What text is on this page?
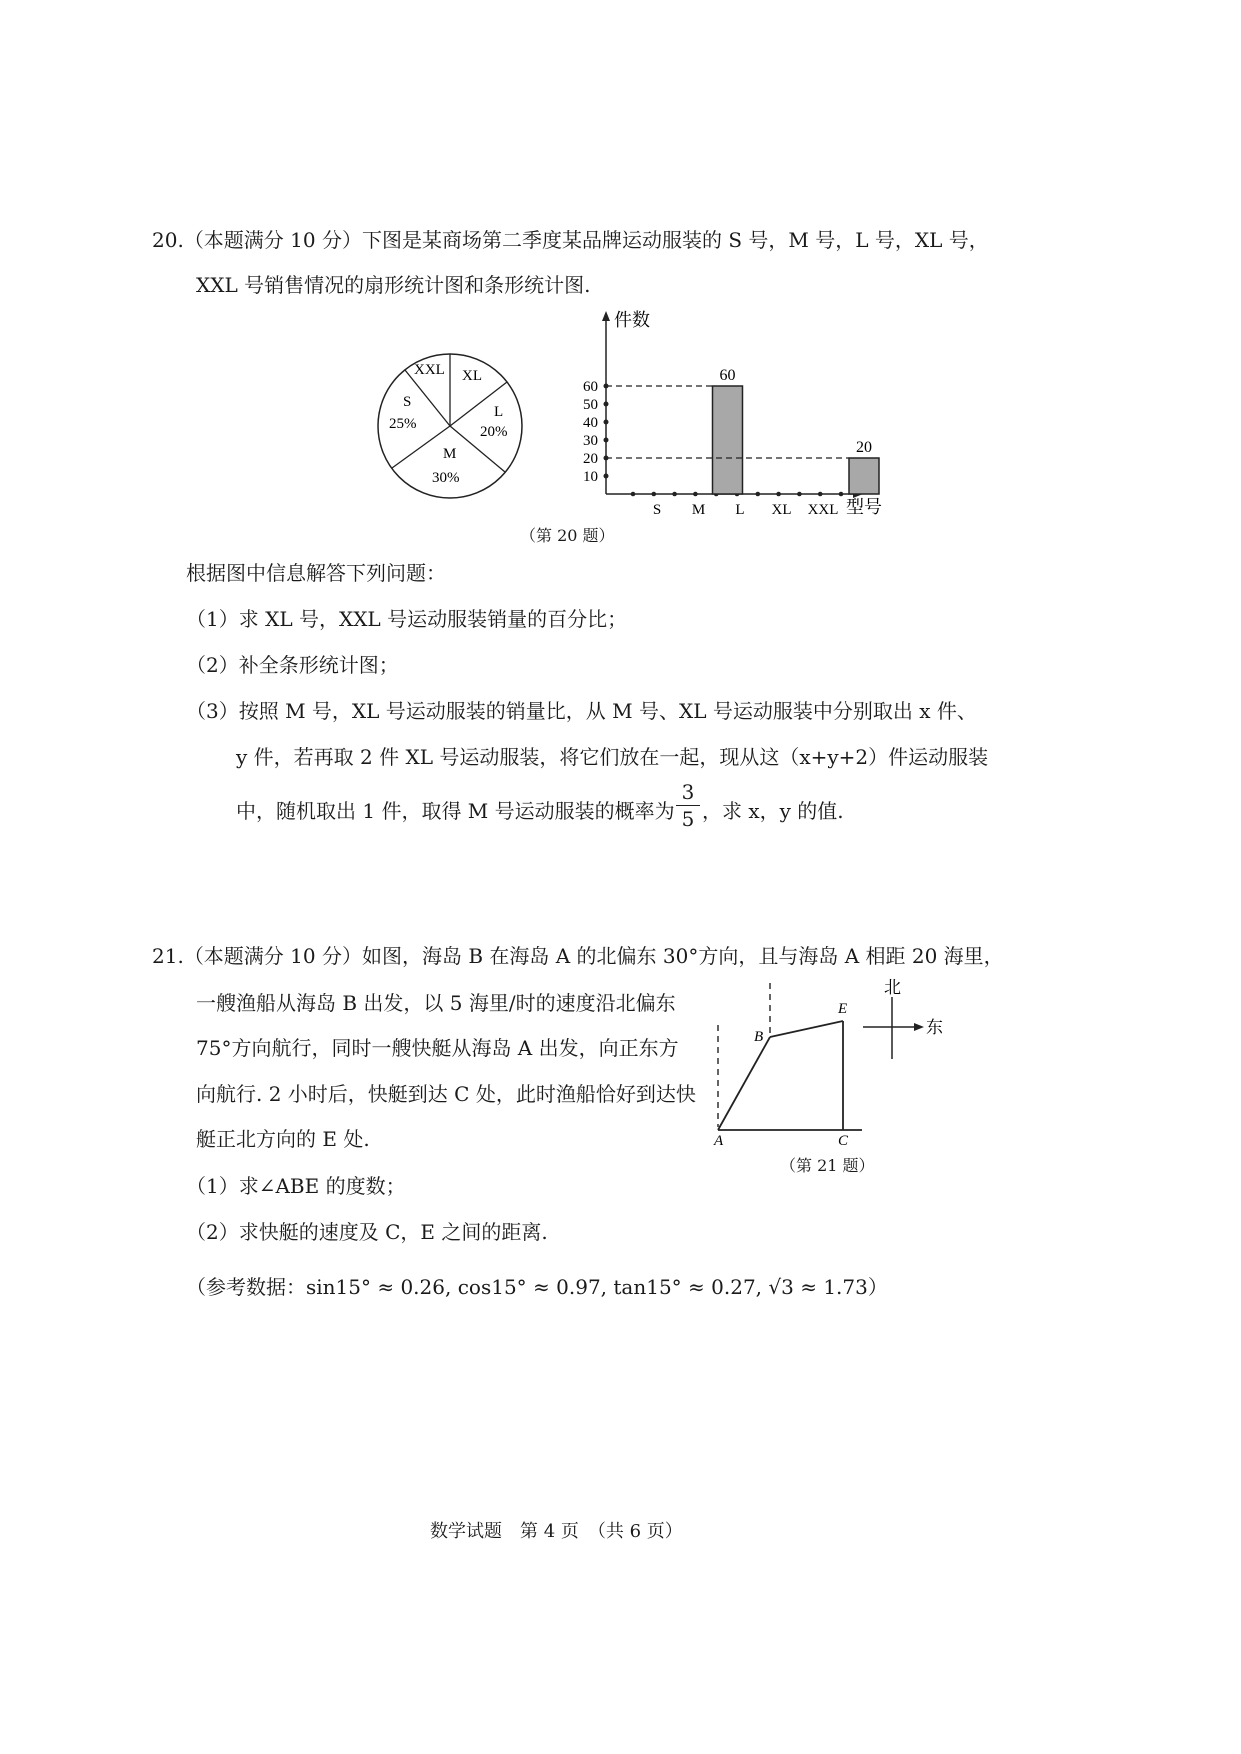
20.（本题满分 10 分）下图是某商场第二季度某品牌运动服装的 S 号，M 号，L 号，XL 号，
XXL 号销售情况的扇形统计图和条形统计图.
XXL XL
L
20%
S
25%
M
30%
件数
型号
10
20
30
40
50
60
S M L XL XXL
60
20
（第 20 题）
根据图中信息解答下列问题：
（1）求 XL 号，XXL 号运动服装销量的百分比；
（2）补全条形统计图；
（3）按照 M 号，XL 号运动服装的销量比，从 M 号、XL 号运动服装中分别取出 x 件、
y 件，若再取 2 件 XL 号运动服装，将它们放在一起，现从这（x+y+2）件运动服装
中，随机取出 1 件，取得 M 号运动服装的概率为
3
5 ，求 x，y 的值.
21.（本题满分 10 分）如图，海岛 B 在海岛 A 的北偏东 30°方向，且与海岛 A 相距 20 海里，
一艘渔船从海岛 B 出发，以 5 海里/时的速度沿北偏东
75°方向航行，同时一艘快艇从海岛 A 出发，向正东方
向航行. 2 小时后，快艇到达 C 处，此时渔船恰好到达快
艇正北方向的 E 处.
（1）求∠ABE 的度数；
（2）求快艇的速度及 C，E 之间的距离.
（参考数据：sin15° ≈ 0.26, cos15° ≈ 0.97, tan15° ≈ 0.27, √3 ≈ 1.73）
A
B
E
C
北
东
（第 21 题）
数学试题　第 4 页　（共 6 页）
